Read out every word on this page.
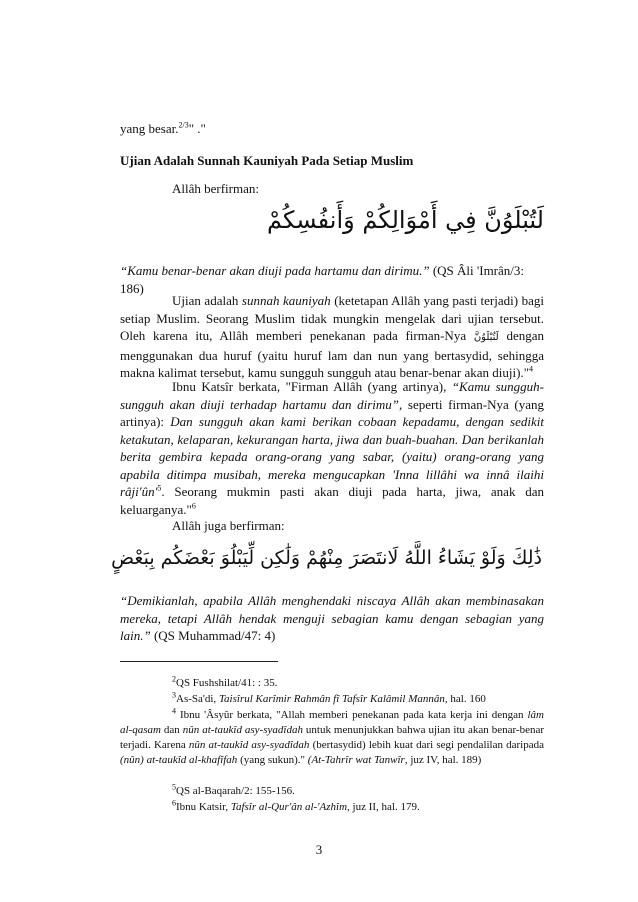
yang besar.$^{2/3}$" ."
Ujian Adalah Sunnah Kauniyah Pada Setiap Muslim
Allâh berfirman:
لَتُبْلَوُنَّ فِي أَمْوَالِكُمْ وَأَنفُسِكُمْ
“Kamu benar-benar akan diuji pada hartamu dan dirimu.” (QS Âli 'Imrân/3: 186)
Ujian adalah sunnah kauniyah (ketetapan Allâh yang pasti terjadi) bagi setiap Muslim. Seorang Muslim tidak mungkin mengelak dari ujian tersebut. Oleh karena itu, Allâh memberi penekanan pada firman-Nya لَتُبْلَوُنَّ dengan menggunakan dua huruf (yaitu huruf lam dan nun yang bertasydid, sehingga makna kalimat tersebut, kamu sungguh sungguh atau benar-benar akan diuji)."$^4$
Ibnu Katsîr berkata, "Firman Allâh (yang artinya), “Kamu sungguh-sungguh akan diuji terhadap hartamu dan dirimu”, seperti firman-Nya (yang artinya): Dan sungguh akan kami berikan cobaan kepadamu, dengan sedikit ketakutan, kelaparan, kekurangan harta, jiwa dan buah-buahan. Dan berikanlah berita gembira kepada orang-orang yang sabar, (yaitu) orang-orang yang apabila ditimpa musibah, mereka mengucapkan 'Inna lillâhi wa innâ ilaihi $râji'ûn'^5$. Seorang mukmin pasti akan diuji pada harta, jiwa, anak dan keluarganya."$^6$
Allâh juga berfirman:
ذَٰلِكَ وَلَوْ يَشَاءُ اللَّهُ لَانتَصَرَ مِنْهُمْ وَلَٰكِن لِّيَبْلُوَ بَعْضَكُم بِبَعْضٍ
“Demikianlah, apabila Allâh menghendaki niscaya Allâh akan membinasakan mereka, tetapi Allâh hendak menguji sebagian kamu dengan sebagian yang lain.” (QS Muhammad/47: 4)
$^2$QS Fushshilat/41: : 35.
$^3$As-Sa'di, Taisîrul Karîmir Rahmân fî Tafsîr Kalâmil Mannân, hal. 160
$^4$ Ibnu 'Âsyûr berkata, "Allah memberi penekanan pada kata kerja ini dengan lâm al-qasam dan nûn at-taukîd asy-syadîdah untuk menunjukkan bahwa ujian itu akan benar-benar terjadi. Karena nûn at-taukîd asy-syadîdah (bertasydid) lebih kuat dari segi pendalilan daripada (nûn) at-taukîd al-khafîfah (yang sukun)." (At-Tahrîr wat Tanwîr, juz IV, hal. 189)
$^5$QS al-Baqarah/2: 155-156.
$^6$Ibnu Katsir, Tafsîr al-Qur'ân al-'Azhîm, juz II, hal. 179.
3
